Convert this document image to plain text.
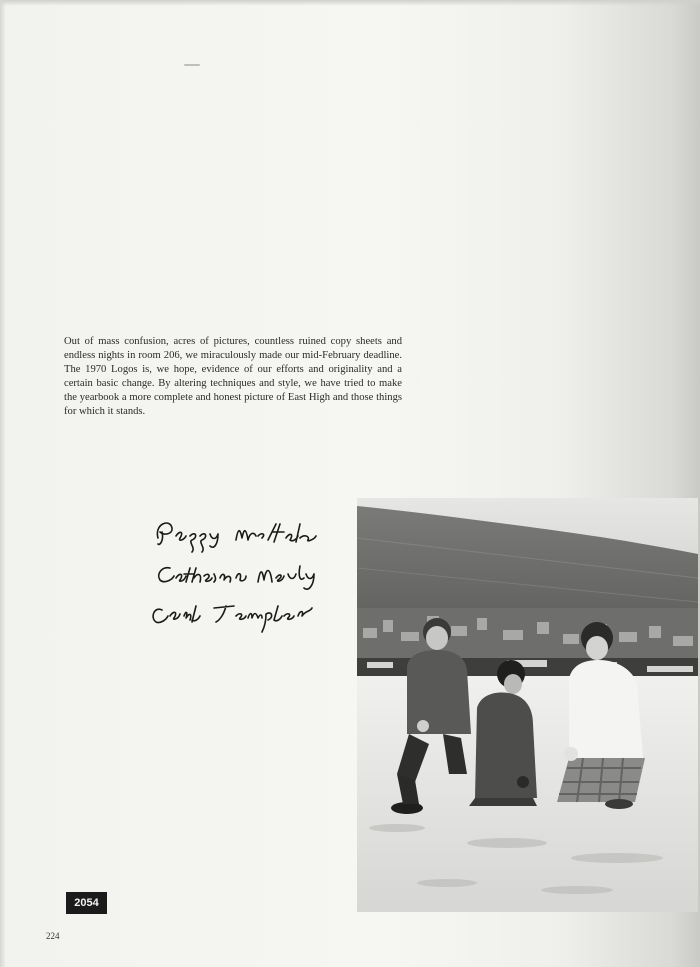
Out of mass confusion, acres of pictures, countless ruined copy sheets and endless nights in room 206, we miraculously made our mid-February deadline. The 1970 Logos is, we hope, evidence of our efforts and originality and a certain basic change. By altering techniques and style, we have tried to make the yearbook a more complete and honest picture of East High and those things for which it stands.

2054
224
